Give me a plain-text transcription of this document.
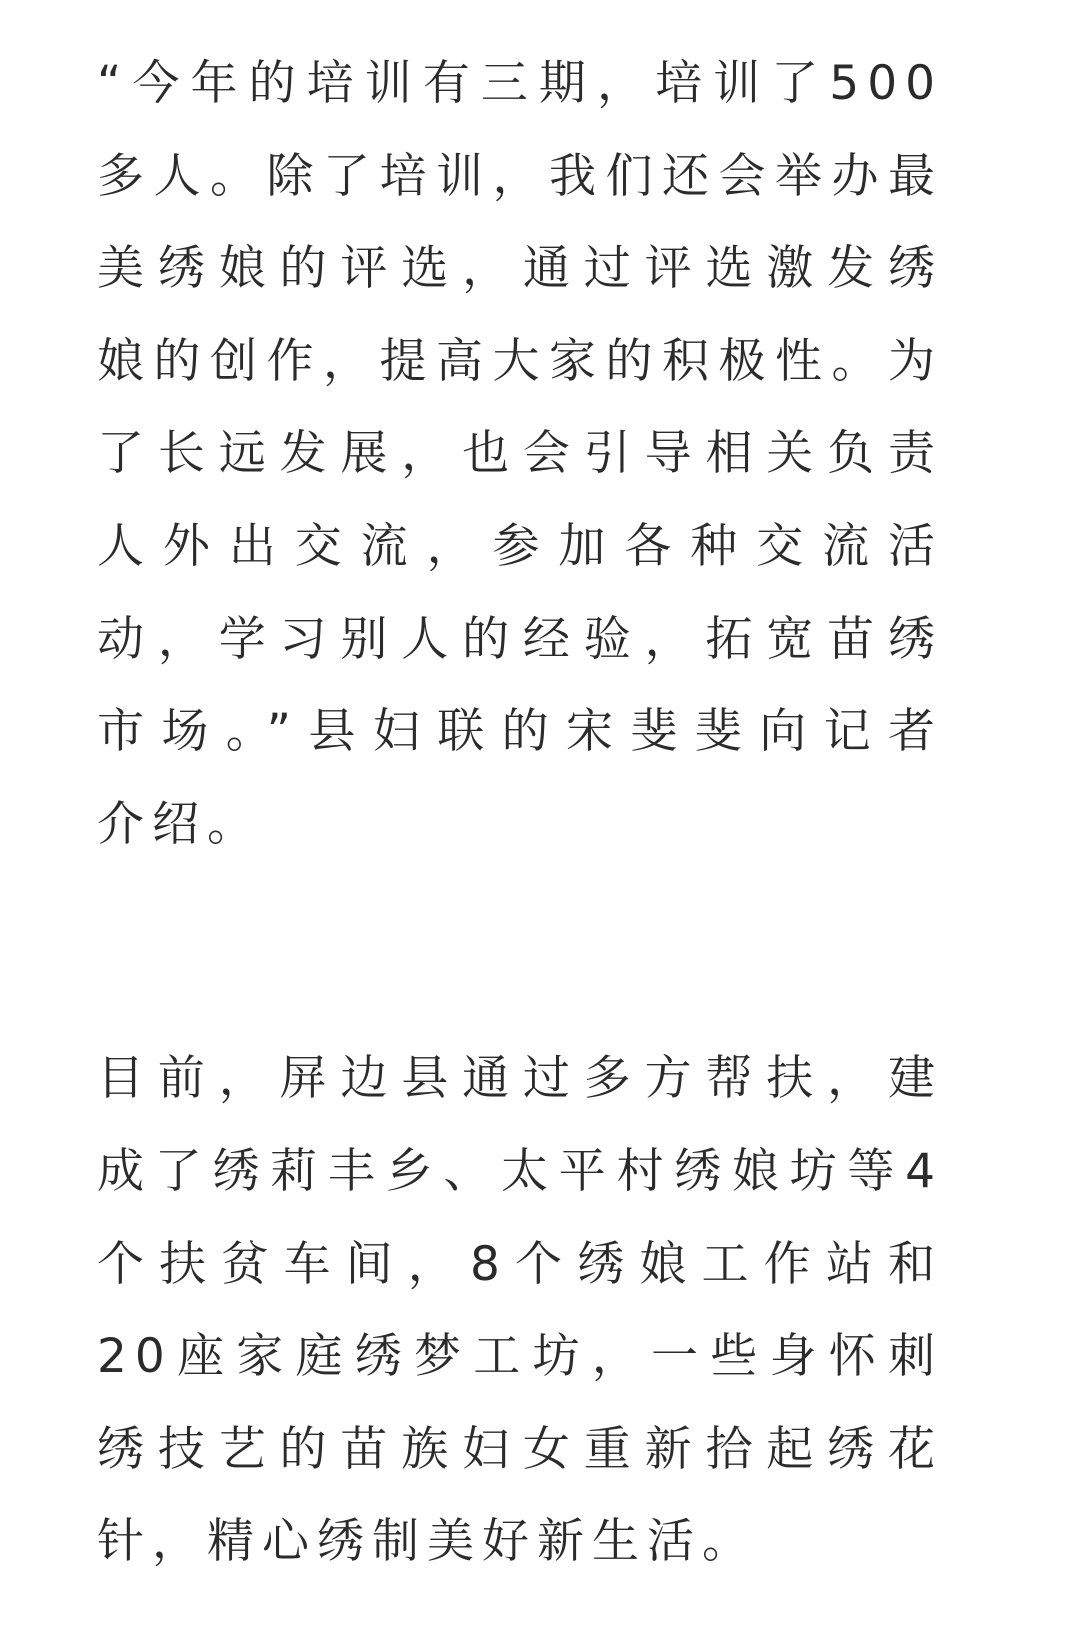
“今年的培训有三期，培训了500
多人。除了培训，我们还会举办最
美绣娘的评选，通过评选激发绣
娘的创作，提高大家的积极性。为
了长远发展，也会引导相关负责
人外出交流，参加各种交流活
动，学习别人的经验，拓宽苗绣
市场。”县妇联的宋斐斐向记者
介绍。
目前，屏边县通过多方帮扶，建
成了绣莉丰乡、太平村绣娘坊等4
个扶贫车间，8个绣娘工作站和
20座家庭绣梦工坊，一些身怀刺
绣技艺的苗族妇女重新拾起绣花
针，精心绣制美好新生活。
